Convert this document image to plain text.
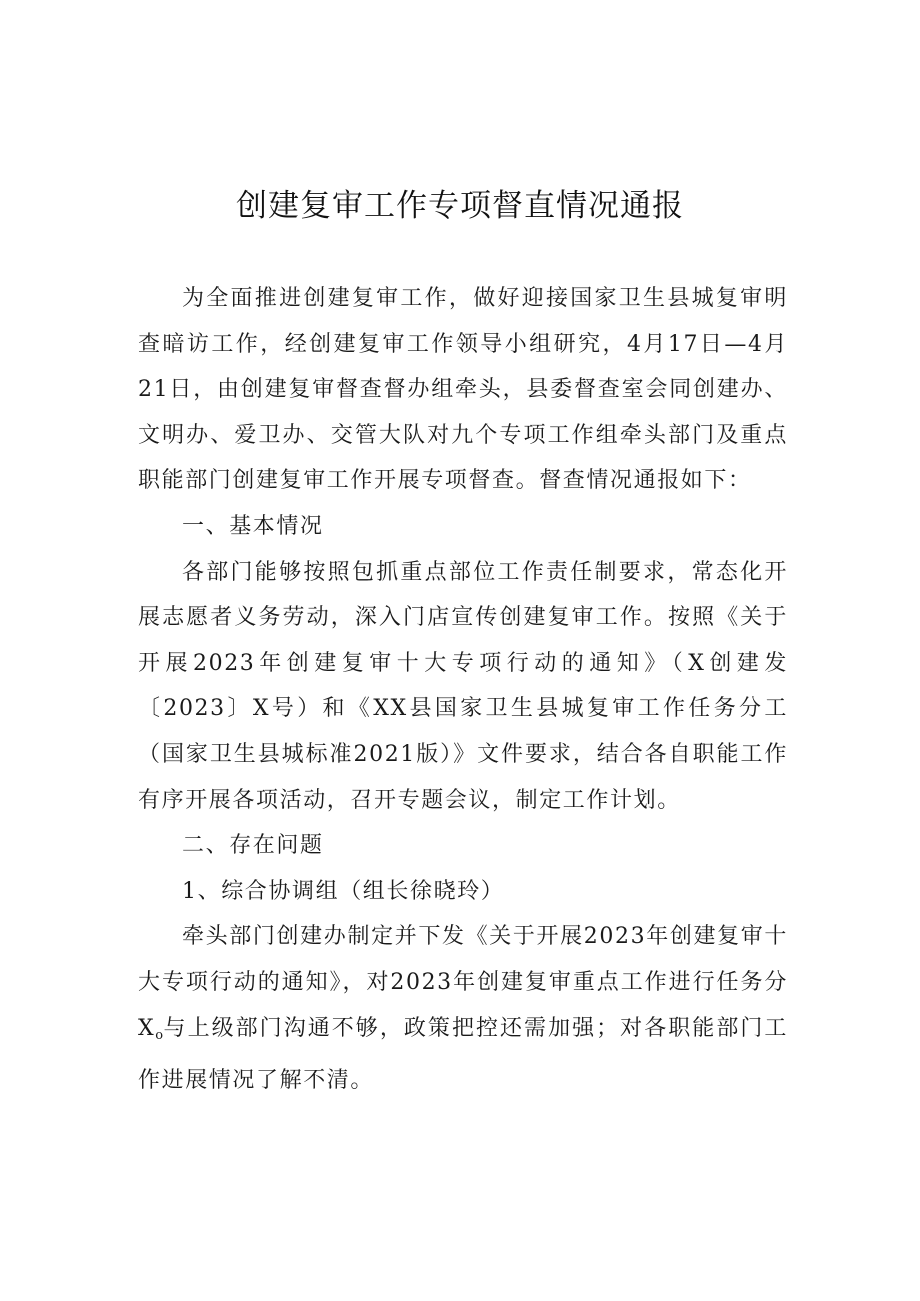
创建复审工作专项督直情况通报

为全面推进创建复审工作，做好迎接国家卫生县城复审明查暗访工作，经创建复审工作领导小组研究，4月17日—4月21日，由创建复审督查督办组牵头，县委督查室会同创建办、文明办、爱卫办、交管大队对九个专项工作组牵头部门及重点职能部门创建复审工作开展专项督查。督查情况通报如下：

一、基本情况

各部门能够按照包抓重点部位工作责任制要求，常态化开展志愿者义务劳动，深入门店宣传创建复审工作。按照《关于开展2023年创建复审十大专项行动的通知》（X创建发〔2023〕X号）和《XX县国家卫生县城复审工作任务分工（国家卫生县城标准2021版）》文件要求，结合各自职能工作有序开展各项活动，召开专题会议，制定工作计划。

二、存在问题

1、综合协调组（组长徐晓玲）

牵头部门创建办制定并下发《关于开展2023年创建复审十大专项行动的通知》，对2023年创建复审重点工作进行任务分$X_o$与上级部门沟通不够，政策把控还需加强；对各职能部门工作进展情况了解不清。
